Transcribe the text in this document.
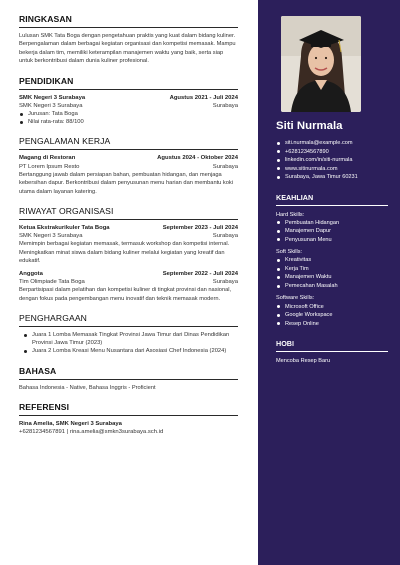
RINGKASAN
Lulusan SMK Tata Boga dengan pengetahuan praktis yang kuat dalam bidang kuliner. Berpengalaman dalam berbagai kegiatan organisasi dan kompetisi memasak. Mampu bekerja dalam tim, memiliki keterampilan manajemen waktu yang baik, serta siap untuk berkontribusi dalam dunia kuliner profesional.
PENDIDIKAN
SMK Negeri 3 Surabaya	Agustus 2021 - Juli 2024
SMK Negeri 3 Surabaya	Surabaya
Jurusan: Tata Boga
Nilai rata-rata: 88/100
PENGALAMAN KERJA
Magang di Restoran	Agustus 2024 - Oktober 2024
PT Lorem Ipsum Resto	Surabaya
Bertanggung jawab dalam persiapan bahan, pembuatan hidangan, dan menjaga kebersihan dapur. Berkontribusi dalam penyusunan menu harian dan membantu koki utama dalam layanan katering.
RIWAYAT ORGANISASI
Ketua Ekstrakurikuler Tata Boga	September 2023 - Juli 2024
SMK Negeri 3 Surabaya	Surabaya
Memimpin berbagai kegiatan memasak, termasuk workshop dan kompetisi internal. Meningkatkan minat siswa dalam bidang kuliner melalui kegiatan yang kreatif dan edukatif.
Anggota	September 2022 - Juli 2024
Tim Olimpiade Tata Boga	Surabaya
Berpartisipasi dalam pelatihan dan kompetisi kuliner di tingkat provinsi dan nasional, dengan fokus pada pengembangan menu inovatif dan teknik memasak modern.
PENGHARGAAN
Juara 1 Lomba Memasak Tingkat Provinsi Jawa Timur dari Dinas Pendidikan Provinsi Jawa Timur (2023)
Juara 2 Lomba Kreasi Menu Nusantara dari Asosiasi Chef Indonesia (2024)
BAHASA
Bahasa Indonesia - Native, Bahasa Inggris - Proficient
REFERENSI
Rina Amelia, SMK Negeri 3 Surabaya
+6281234567891 | rina.amelia@smkn3surabaya.sch.id
Siti Nurmala
siti.nurmala@example.com
+6281234567890
linkedin.com/in/siti-nurmala
www.sitinurmala.com
Surabaya, Jawa Timur 60231
KEAHLIAN
Hard Skills:
Pembuatan Hidangan
Manajemen Dapur
Penyusunan Menu
Soft Skills:
Kreativitas
Kerja Tim
Manajemen Waktu
Pemecahan Masalah
Software Skills:
Microsoft Office
Google Workspace
Resep Online
HOBI
Mencoba Resep Baru
